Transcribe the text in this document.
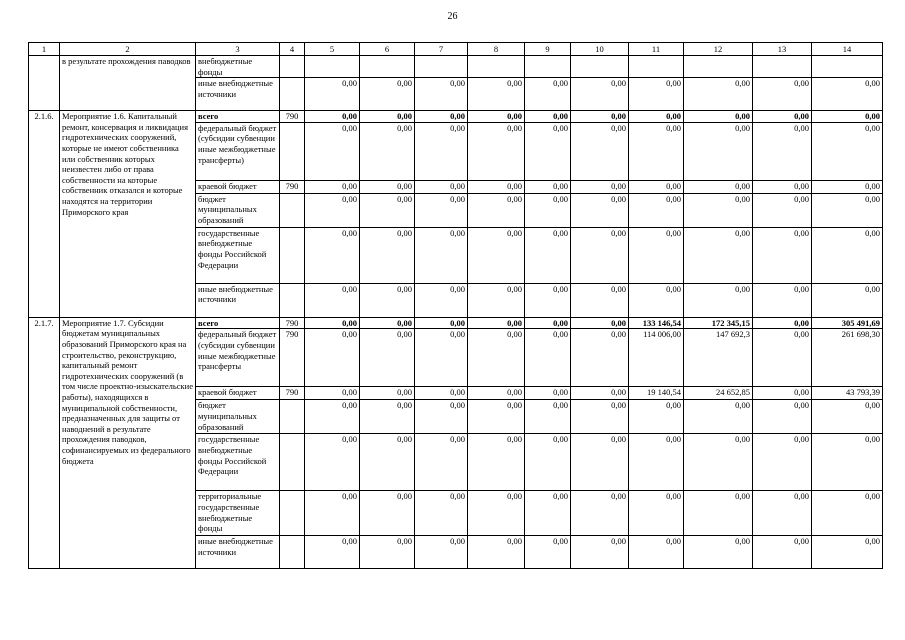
26
1	2	3	4	5	6	7	8	9	10	11	12	13	14
	в результате прохождения паводков	внебюджетные фонды											
		иные внебюджетные источники		0,00	0,00	0,00	0,00	0,00	0,00	0,00	0,00	0,00	0,00
2.1.6.	Мероприятие 1.6. Капитальный ремонт, консервация и ликвидация гидротехнических сооружений, которые не имеют собственника или собственник которых неизвестен либо от права собственности на которые собственник отказался и которые находятся на территории Приморского края	всего	790	0,00	0,00	0,00	0,00	0,00	0,00	0,00	0,00	0,00	0,00
		федеральный бюджет (субсидии субвенции иные межбюджетные трансферты)		0,00	0,00	0,00	0,00	0,00	0,00	0,00	0,00	0,00	0,00
		краевой бюджет	790	0,00	0,00	0,00	0,00	0,00	0,00	0,00	0,00	0,00	0,00
		бюджет муниципальных образований		0,00	0,00	0,00	0,00	0,00	0,00	0,00	0,00	0,00	0,00
		государственные внебюджетные фонды Российской Федерации		0,00	0,00	0,00	0,00	0,00	0,00	0,00	0,00	0,00	0,00
		иные внебюджетные источники		0,00	0,00	0,00	0,00	0,00	0,00	0,00	0,00	0,00	0,00
2.1.7.	Мероприятие 1.7. Субсидии бюджетам муниципальных образований Приморского края на строительство, реконструкцию, капитальный ремонт гидротехнических сооружений (в том числе проектно-изыскательские работы), находящихся в муниципальной собственности, предназначенных для защиты от наводнений в результате прохождения паводков, софинансируемых из федерального бюджета	всего	790	0,00	0,00	0,00	0,00	0,00	0,00	133 146,54	172 345,15	0,00	305 491,69
		федеральный бюджет (субсидии субвенции иные межбюджетные трансферты	790	0,00	0,00	0,00	0,00	0,00	0,00	114 006,00	147 692,3	0,00	261 698,30
		краевой бюджет	790	0,00	0,00	0,00	0,00	0,00	0,00	19 140,54	24 652,85	0,00	43 793,39
		бюджет муниципальных образований		0,00	0,00	0,00	0,00	0,00	0,00	0,00	0,00	0,00	0,00
		государственные внебюджетные фонды Российской Федерации		0,00	0,00	0,00	0,00	0,00	0,00	0,00	0,00	0,00	0,00
		территориальные государственные внебюджетные фонды		0,00	0,00	0,00	0,00	0,00	0,00	0,00	0,00	0,00	0,00
		иные внебюджетные источники		0,00	0,00	0,00	0,00	0,00	0,00	0,00	0,00	0,00	0,00
